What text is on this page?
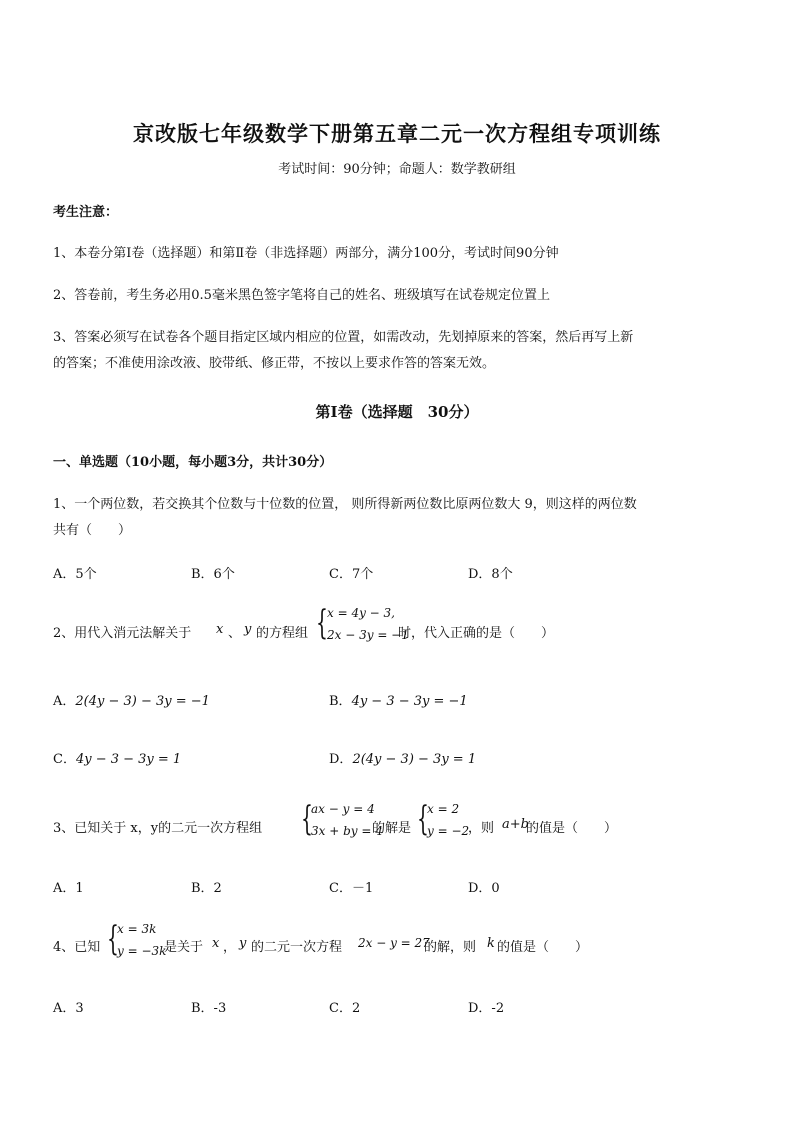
京改版七年级数学下册第五章二元一次方程组专项训练
考试时间：90分钟；命题人：数学教研组
考生注意：
1、本卷分第Ⅰ卷（选择题）和第Ⅱ卷（非选择题）两部分，满分100分，考试时间90分钟
2、答卷前，考生务必用0.5毫米黑色签字笔将自己的姓名、班级填写在试卷规定位置上
3、答案必须写在试卷各个题目指定区域内相应的位置，如需改动，先划掉原来的答案，然后再写上新
的答案；不准使用涂改液、胶带纸、修正带，不按以上要求作答的答案无效。
第Ⅰ卷（选择题　30分）
一、单选题（10小题，每小题3分，共计30分）
1、一个两位数，若交换其个位数与十位数的位置， 则所得新两位数比原两位数大 9，则这样的两位数
共有（　　）
A．5个	B．6个	C．7个	D．8个
2、用代入消元法解关于 x 、 y 的方程组 { x = 4y − 3,
2x − 3y = −1
时，代入正确的是（　　）
A．2(4y − 3) − 3y = −1	B．4y − 3 − 3y = −1
C．4y − 3 − 3y = 1	D．2(4y − 3) − 3y = 1
3、已知关于 x，y的二元一次方程组 {
ax − y = 4
3x + by = 4
的解是 {
x = 2
y = −2
，则 a+b
的值是（　　）
A．1	B．2	C．－1	D．0
4、已知 {
x = 3k
y = −3k
是关于 x ， y 的二元一次方程 2x − y = 27
的解，则 k 的值是（　　）
A．3	B．-3	C．2	D．-2
